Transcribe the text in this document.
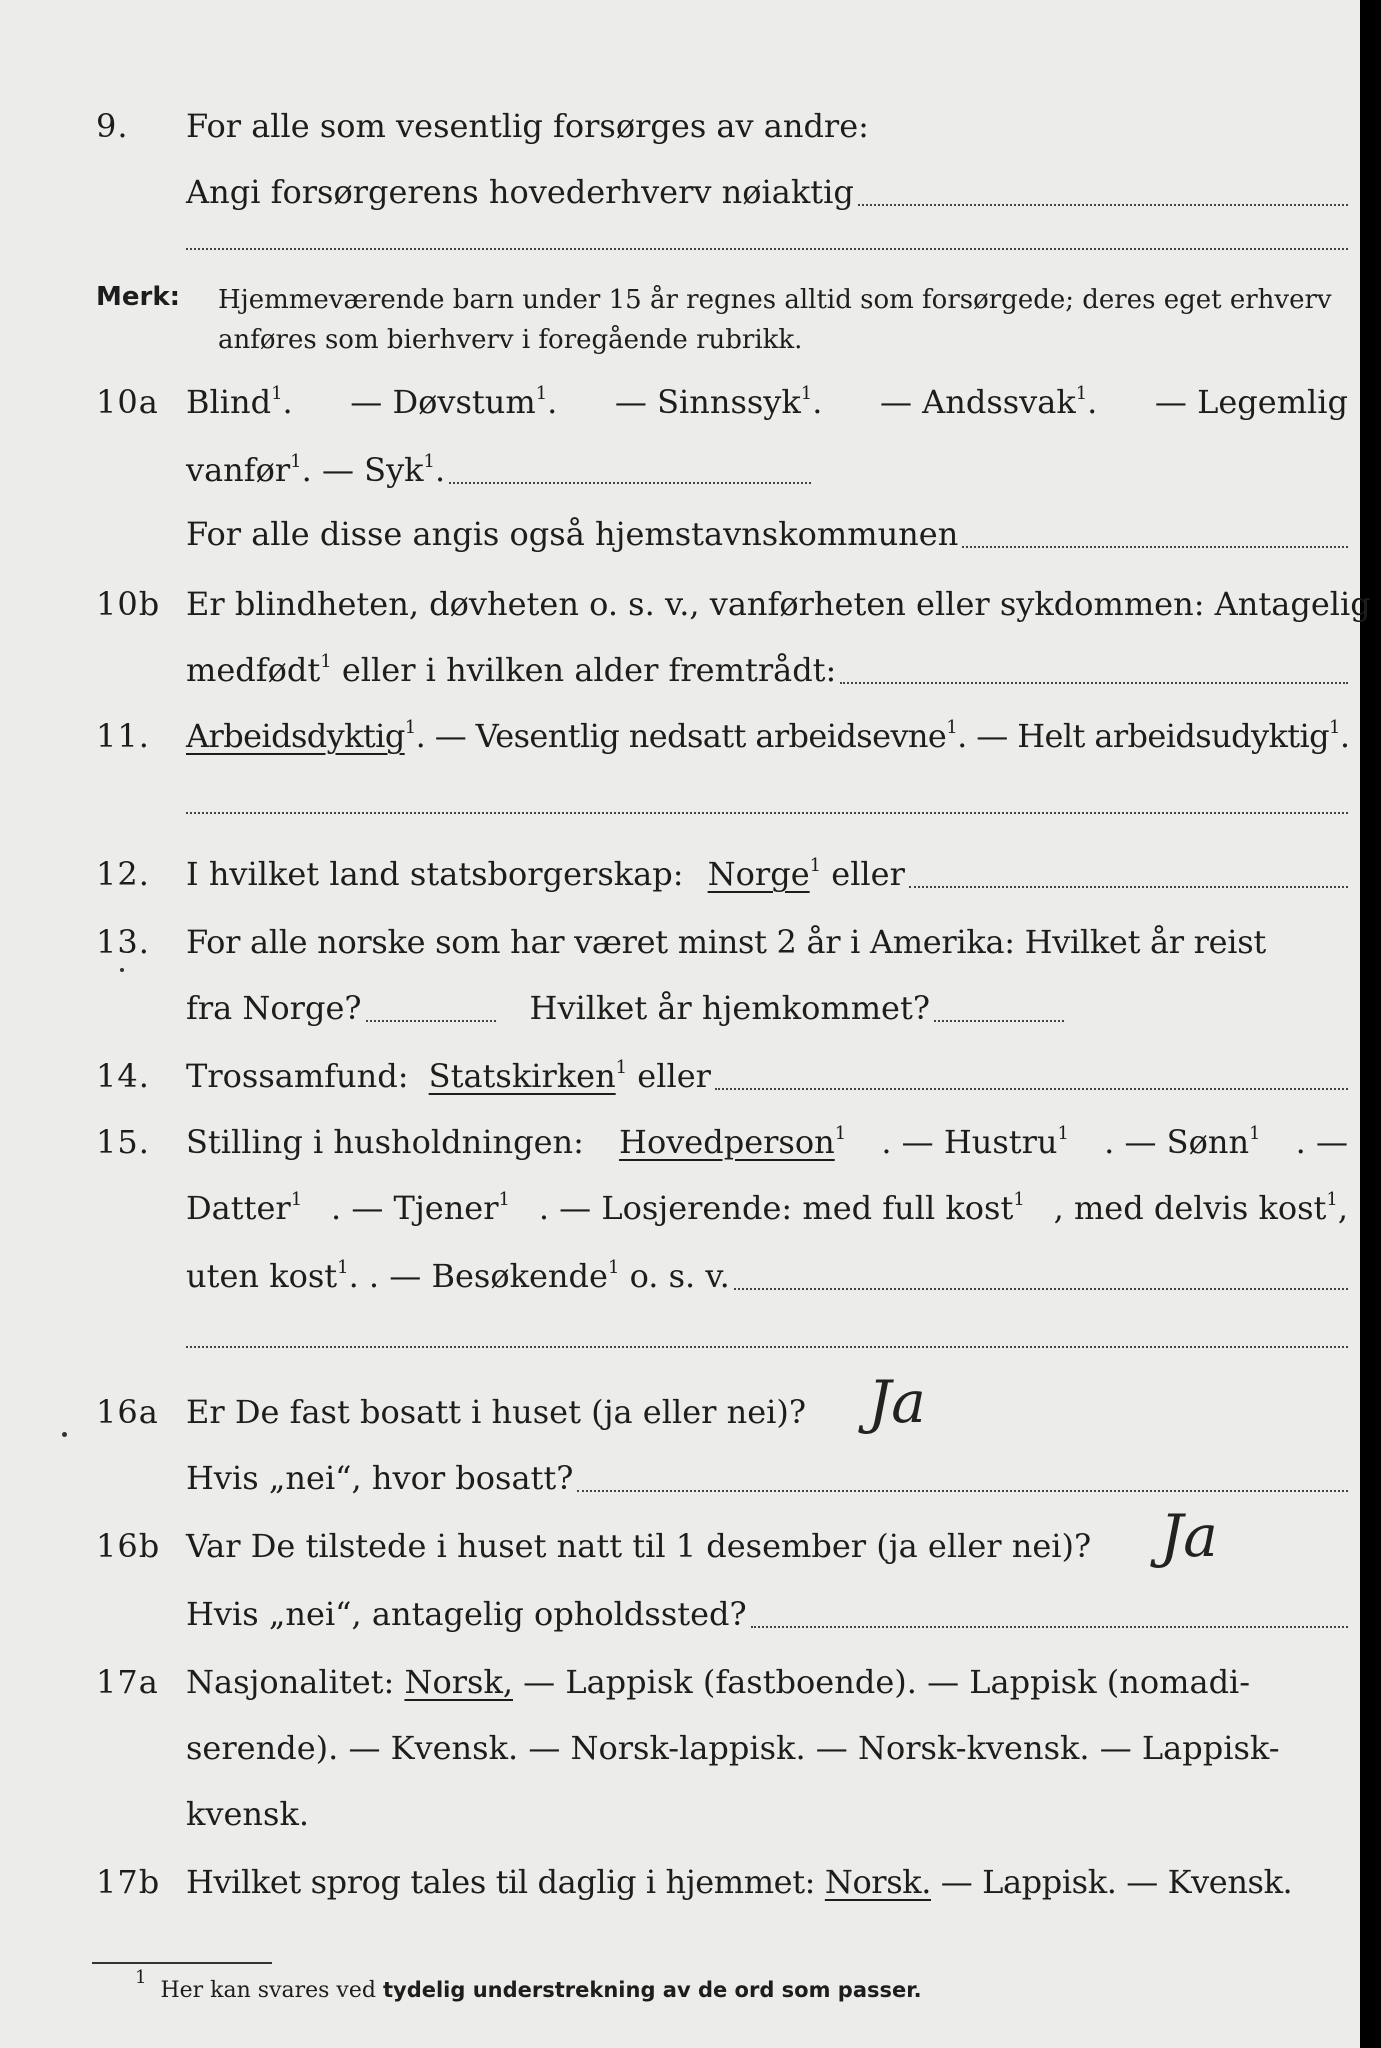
9. For alle som vesentlig forsørges av andre:
Angi forsørgerens hovederhverv nøiaktig
Merk: Hjemmeværende barn under 15 år regnes alltid som forsørgede; deres eget erhverv
anføres som bierhverv i foregående rubrikk.
10a Blind$^1$. — Døvstum$^1$. — Sinnssyk$^1$. — Andssvak$^1$. — Legemlig
vanfør$^1$. — Syk$^1$.
For alle disse angis også hjemstavnskommunen
10b Er blindheten, døvheten o. s. v., vanførheten eller sykdommen: Antagelig
medfødt$^1$ eller i hvilken alder fremtrådt:
11. Arbeidsdyktig$^1$. — Vesentlig nedsatt arbeidsevne$^1$. — Helt arbeidsudyktig$^1$.
12. I hvilket land statsborgerskap: Norge$^1$ eller
13. For alle norske som har været minst 2 år i Amerika: Hvilket år reist
fra Norge?	Hvilket år hjemkommet?
14. Trossamfund: Statskirken$^1$ eller
15. Stilling i husholdningen: Hovedperson$^1$ . — Hustru$^1$ . — Sønn$^1$ . —
Datter$^1$ . — Tjener$^1$ . — Losjerende: med full kost$^1$ , med delvis kost$^1$,
uten kost$^1$. . — Besøkende$^1$ o. s. v.
16a Er De fast bosatt i huset (ja eller nei)? Ja
Hvis „nei“, hvor bosatt?
16b Var De tilstede i huset natt til 1 desember (ja eller nei)? Ja
Hvis „nei“, antagelig opholdssted?
17a Nasjonalitet: Norsk, — Lappisk (fastboende). — Lappisk (nomadi-
serende). — Kvensk. — Norsk-lappisk. — Norsk-kvensk. — Lappisk-
kvensk.
17b Hvilket sprog tales til daglig i hjemmet: Norsk. — Lappisk. — Kvensk.
$^1$  Her kan svares ved tydelig understrekning av de ord som passer.
